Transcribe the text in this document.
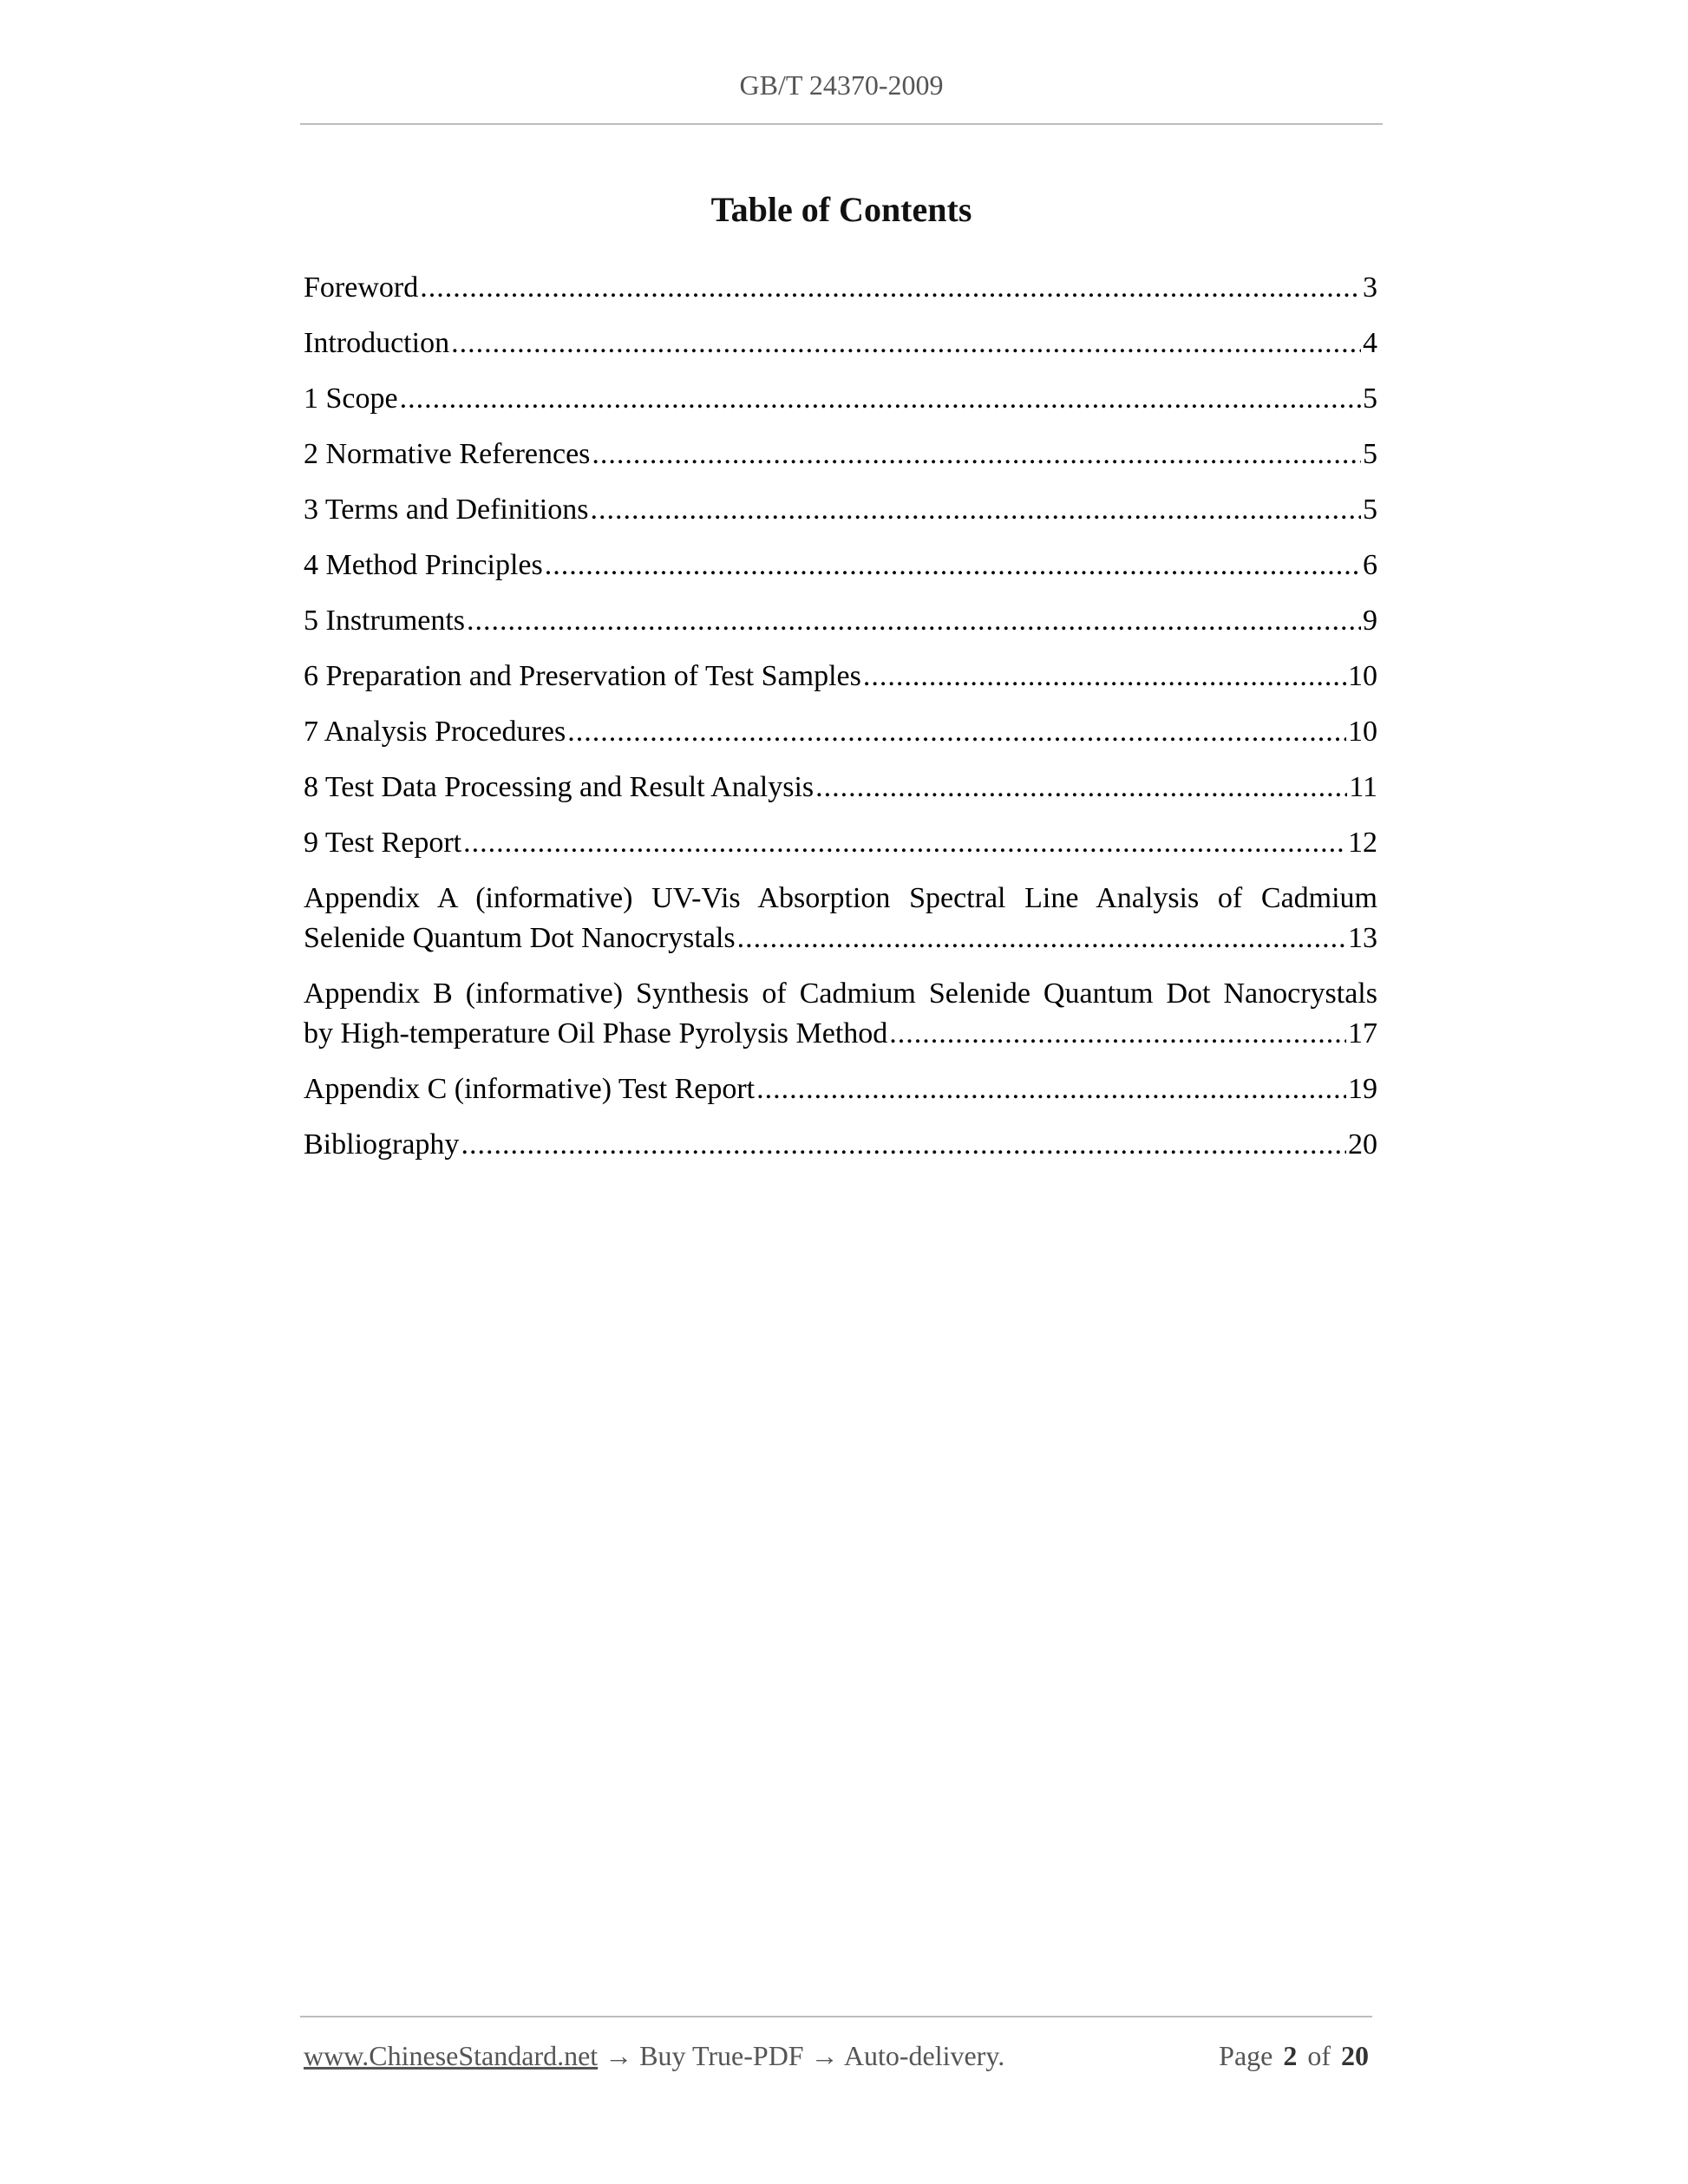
GB/T 24370-2009
Table of Contents
Foreword .....	3
Introduction .....	4
1 Scope .....	5
2 Normative References .....	5
3 Terms and Definitions .....	5
4 Method Principles .....	6
5 Instruments .....	9
6 Preparation and Preservation of Test Samples .....	10
7 Analysis Procedures .....	10
8 Test Data Processing and Result Analysis .....	11
9 Test Report .....	12
Appendix A (informative) UV-Vis Absorption Spectral Line Analysis of Cadmium
Selenide Quantum Dot Nanocrystals .....	13
Appendix B (informative) Synthesis of Cadmium Selenide Quantum Dot Nanocrystals
by High-temperature Oil Phase Pyrolysis Method .....	17
Appendix C (informative) Test Report .....	19
Bibliography .....	20
www.ChineseStandard.net → Buy True-PDF → Auto-delivery.	Page 2 of 20
